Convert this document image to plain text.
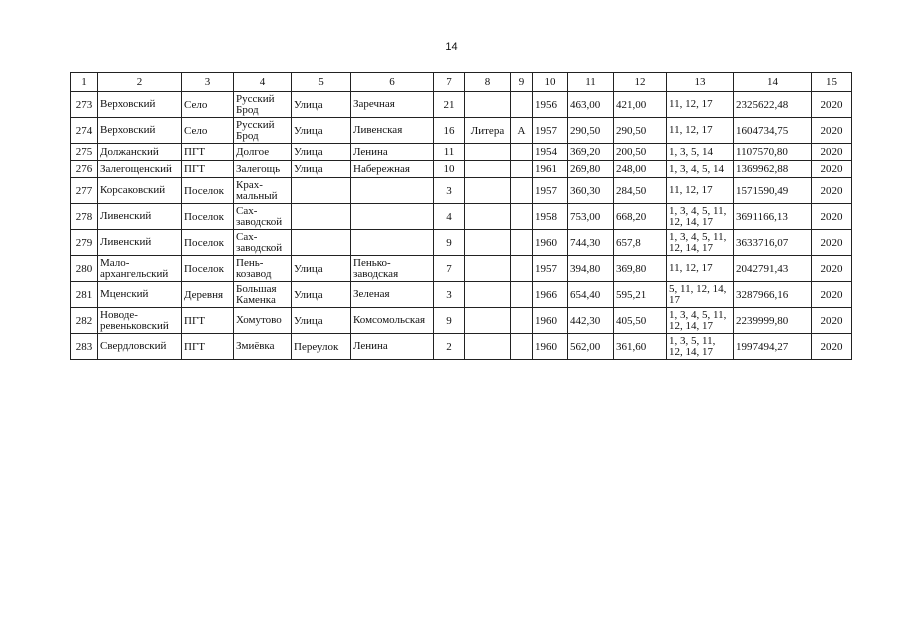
14
1	2	3	4	5	6	7	8	9	10	11	12	13	14	15
273	Верховский	Село	Русский Брод	Улица	Заречная	21			1956	463,00	421,00	11, 12, 17	2325622,48	2020
274	Верховский	Село	Русский Брод	Улица	Ливенская	16	Литера	А	1957	290,50	290,50	11, 12, 17	1604734,75	2020
275	Должанский	ПГТ	Долгое	Улица	Ленина	11			1954	369,20	200,50	1, 3, 5, 14	1107570,80	2020
276	Залегощенский	ПГТ	Залегощь	Улица	Набережная	10			1961	269,80	248,00	1, 3, 4, 5, 14	1369962,88	2020
277	Корсаковский	Поселок	Крах-мальный			3			1957	360,30	284,50	11, 12, 17	1571590,49	2020
278	Ливенский	Поселок	Сах-заводской			4			1958	753,00	668,20	1, 3, 4, 5, 11, 12, 14, 17	3691166,13	2020
279	Ливенский	Поселок	Сах-заводской			9			1960	744,30	657,8	1, 3, 4, 5, 11, 12, 14, 17	3633716,07	2020
280	Мало-архангельский	Поселок	Пень-козавод	Улица	Пенько-заводская	7			1957	394,80	369,80	11, 12, 17	2042791,43	2020
281	Мценский	Деревня	Большая Каменка	Улица	Зеленая	3			1966	654,40	595,21	5, 11, 12, 14, 17	3287966,16	2020
282	Новоде-ревеньковский	ПГТ	Хомутово	Улица	Комсомольская	9			1960	442,30	405,50	1, 3, 4, 5, 11, 12, 14, 17	2239999,80	2020
283	Свердловский	ПГТ	Змиёвка	Переулок	Ленина	2			1960	562,00	361,60	1, 3, 5, 11, 12, 14, 17	1997494,27	2020
